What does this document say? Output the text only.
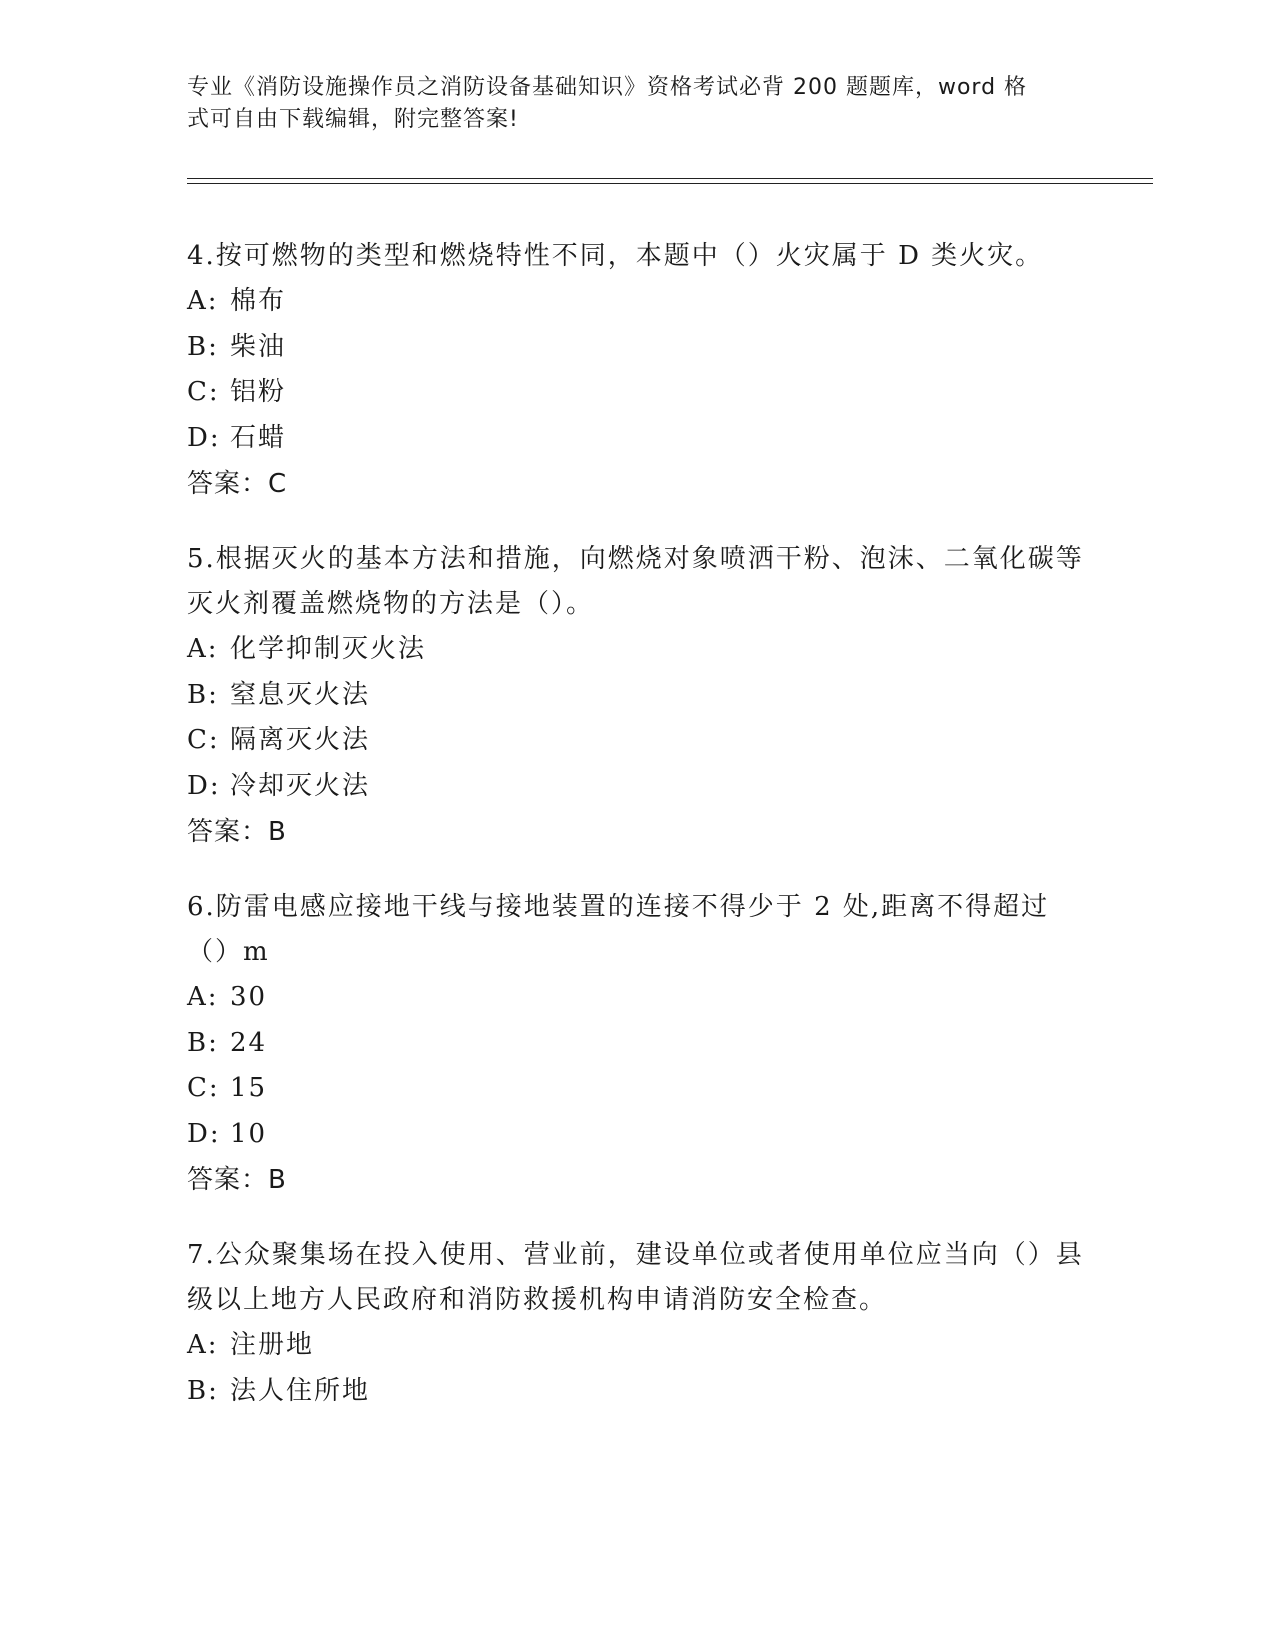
专业《消防设施操作员之消防设备基础知识》资格考试必背 200 题题库，word 格
式可自由下载编辑，附完整答案!

4.按可燃物的类型和燃烧特性不同，本题中（）火灾属于 D 类火灾。

A: 棉布

B: 柴油

C: 铝粉

D: 石蜡

答案：C

5.根据灭火的基本方法和措施，向燃烧对象喷洒干粉、泡沫、二氧化碳等灭火剂覆盖燃烧物的方法是（）。

A: 化学抑制灭火法

B: 窒息灭火法

C: 隔离灭火法

D: 冷却灭火法

答案：B

6.防雷电感应接地干线与接地装置的连接不得少于 2 处,距离不得超过（）m

A: 30

B: 24

C: 15

D: 10

答案：B

7.公众聚集场在投入使用、营业前，建设单位或者使用单位应当向（）县级以上地方人民政府和消防救援机构申请消防安全检查。

A: 注册地

B: 法人住所地
